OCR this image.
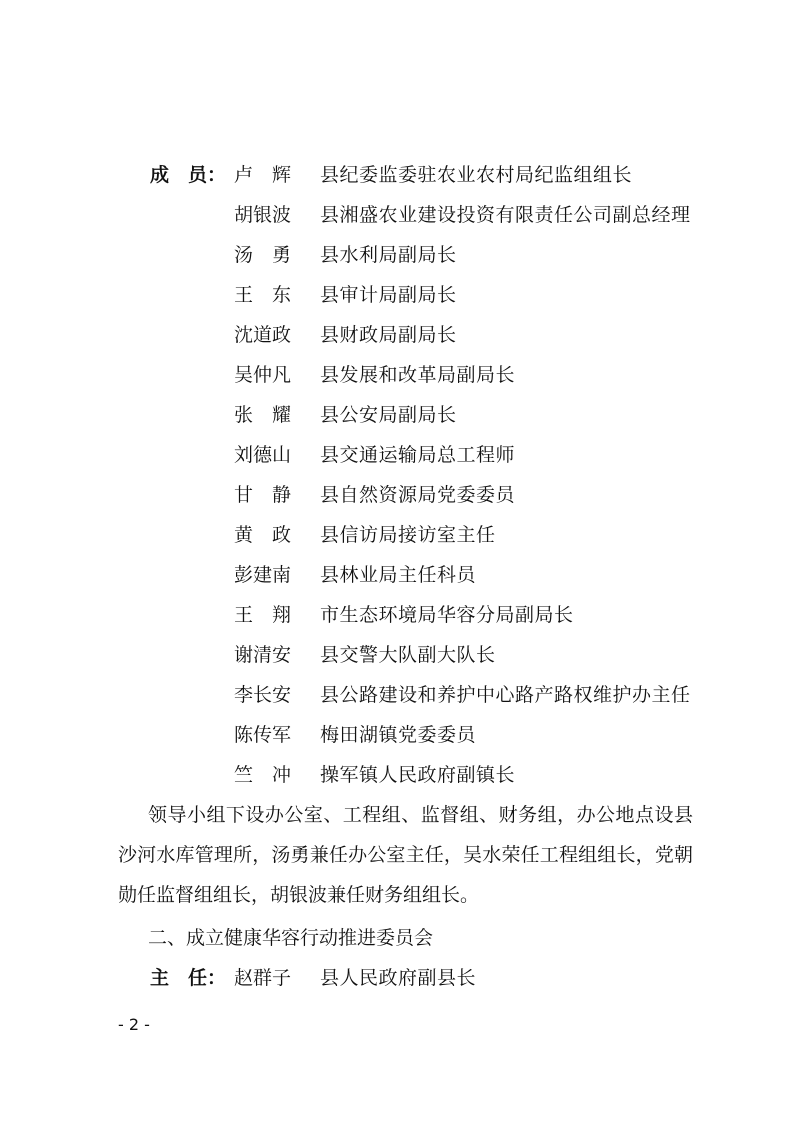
成　员： 卢　辉	县纪委监委驻农业农村局纪监组组长
胡银波	县湘盛农业建设投资有限责任公司副总经理
汤　勇	县水利局副局长
王　东	县审计局副局长
沈道政	县财政局副局长
吴仲凡	县发展和改革局副局长
张　耀	县公安局副局长
刘德山	县交通运输局总工程师
甘　静	县自然资源局党委委员
黄　政	县信访局接访室主任
彭建南	县林业局主任科员
王　翔	市生态环境局华容分局副局长
谢清安	县交警大队副大队长
李长安	县公路建设和养护中心路产路权维护办主任
陈传军	梅田湖镇党委委员
竺　冲	操军镇人民政府副镇长
领导小组下设办公室、工程组、监督组、财务组，办公地点设县沙河水库管理所，汤勇兼任办公室主任，吴水荣任工程组组长，党朝勋任监督组组长，胡银波兼任财务组组长。
二、成立健康华容行动推进委员会
主　任： 赵群子	县人民政府副县长
- 2 -
